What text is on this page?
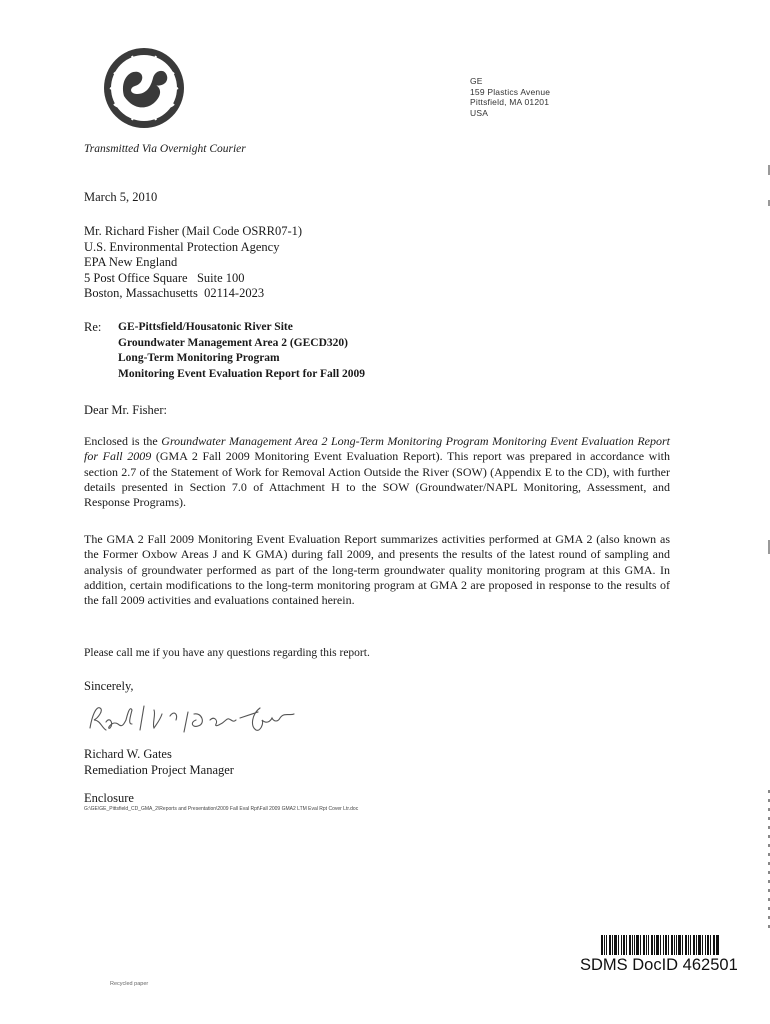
GE
159 Plastics Avenue
Pittsfield, MA 01201
USA
Transmitted Via Overnight Courier
March 5, 2010
Mr. Richard Fisher (Mail Code OSRR07-1)
U.S. Environmental Protection Agency
EPA New England
5 Post Office Square   Suite 100
Boston, Massachusetts  02114-2023
Re: GE-Pittsfield/Housatonic River Site
Groundwater Management Area 2 (GECD320)
Long-Term Monitoring Program
Monitoring Event Evaluation Report for Fall 2009
Dear Mr. Fisher:
Enclosed is the Groundwater Management Area 2 Long-Term Monitoring Program Monitoring Event Evaluation Report for Fall 2009 (GMA 2 Fall 2009 Monitoring Event Evaluation Report). This report was prepared in accordance with section 2.7 of the Statement of Work for Removal Action Outside the River (SOW) (Appendix E to the CD), with further details presented in Section 7.0 of Attachment H to the SOW (Groundwater/NAPL Monitoring, Assessment, and Response Programs).
The GMA 2 Fall 2009 Monitoring Event Evaluation Report summarizes activities performed at GMA 2 (also known as the Former Oxbow Areas J and K GMA) during fall 2009, and presents the results of the latest round of sampling and analysis of groundwater performed as part of the long-term groundwater quality monitoring program at this GMA. In addition, certain modifications to the long-term monitoring program at GMA 2 are proposed in response to the results of the fall 2009 activities and evaluations contained herein.
Please call me if you have any questions regarding this report.
Sincerely,
Richard W. Gates
Remediation Project Manager
Enclosure
G:\GE\GE_Pittsfield_CD_GMA_2\Reports and Presentation\2009 Fall Eval Rpt\Fall 2009 GMA2 LTM Eval Rpt Cover Ltr.doc
Recycled paper
SDMS DocID 462501
